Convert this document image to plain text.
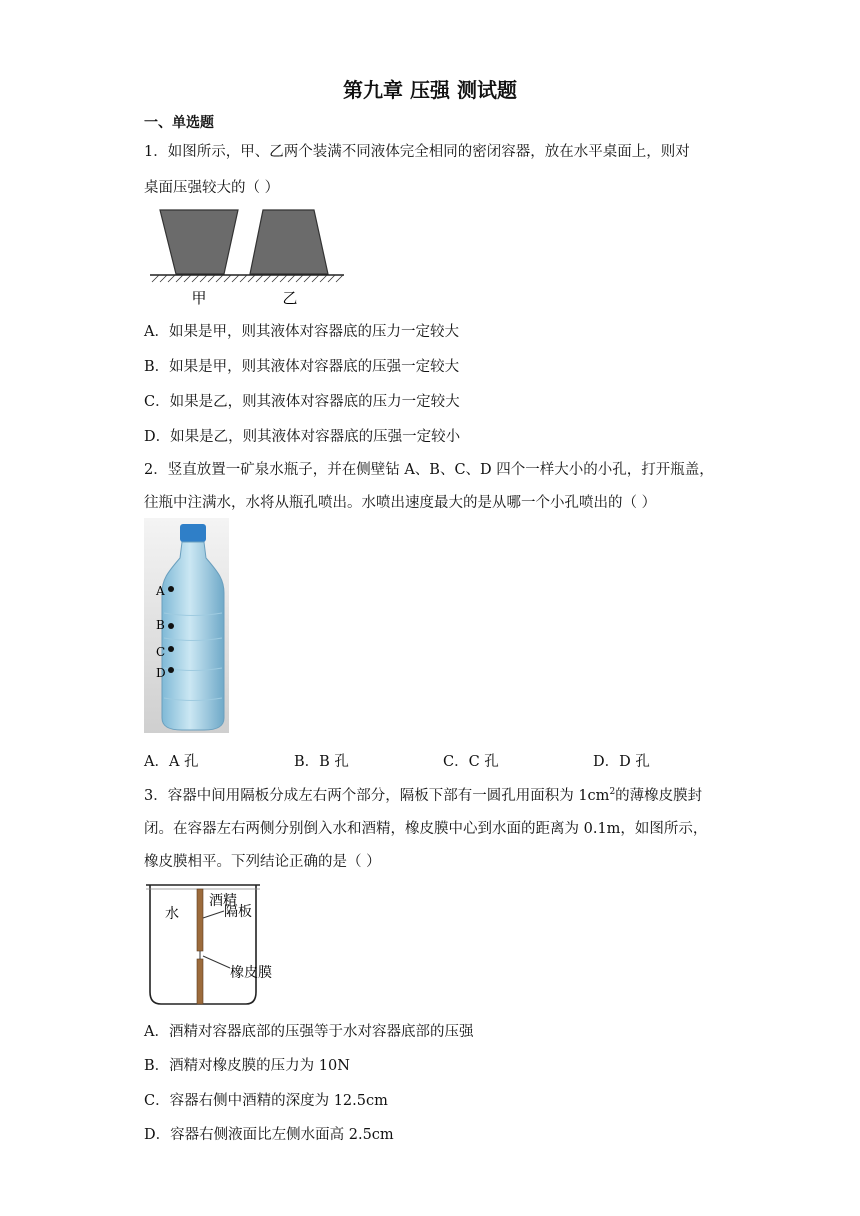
第九章 压强 测试题
一、单选题
1．如图所示，甲、乙两个装满不同液体完全相同的密闭容器，放在水平桌面上，则对
桌面压强较大的（ ）
甲	乙
A．如果是甲，则其液体对容器底的压力一定较大
B．如果是甲，则其液体对容器底的压强一定较大
C．如果是乙，则其液体对容器底的压力一定较大
D．如果是乙，则其液体对容器底的压强一定较小
2．竖直放置一矿泉水瓶子，并在侧壁钻 A、B、C、D 四个一样大小的小孔，打开瓶盖，
往瓶中注满水，水将从瓶孔喷出。水喷出速度最大的是从哪一个小孔喷出的（ ）
A
B
C
D
A．A 孔	B．B 孔	C．C 孔	D．D 孔
3．容器中间用隔板分成左右两个部分，隔板下部有一圆孔用面积为 $1cm^2$的薄橡皮膜封
闭。在容器左右两侧分别倒入水和酒精，橡皮膜中心到水面的距离为 0.1m，如图所示，
橡皮膜相平。下列结论正确的是（ ）
水
酒精
隔板
橡皮膜
A．酒精对容器底部的压强等于水对容器底部的压强
B．酒精对橡皮膜的压力为 10N
C．容器右侧中酒精的深度为 12.5cm
D．容器右侧液面比左侧水面高 2.5cm
